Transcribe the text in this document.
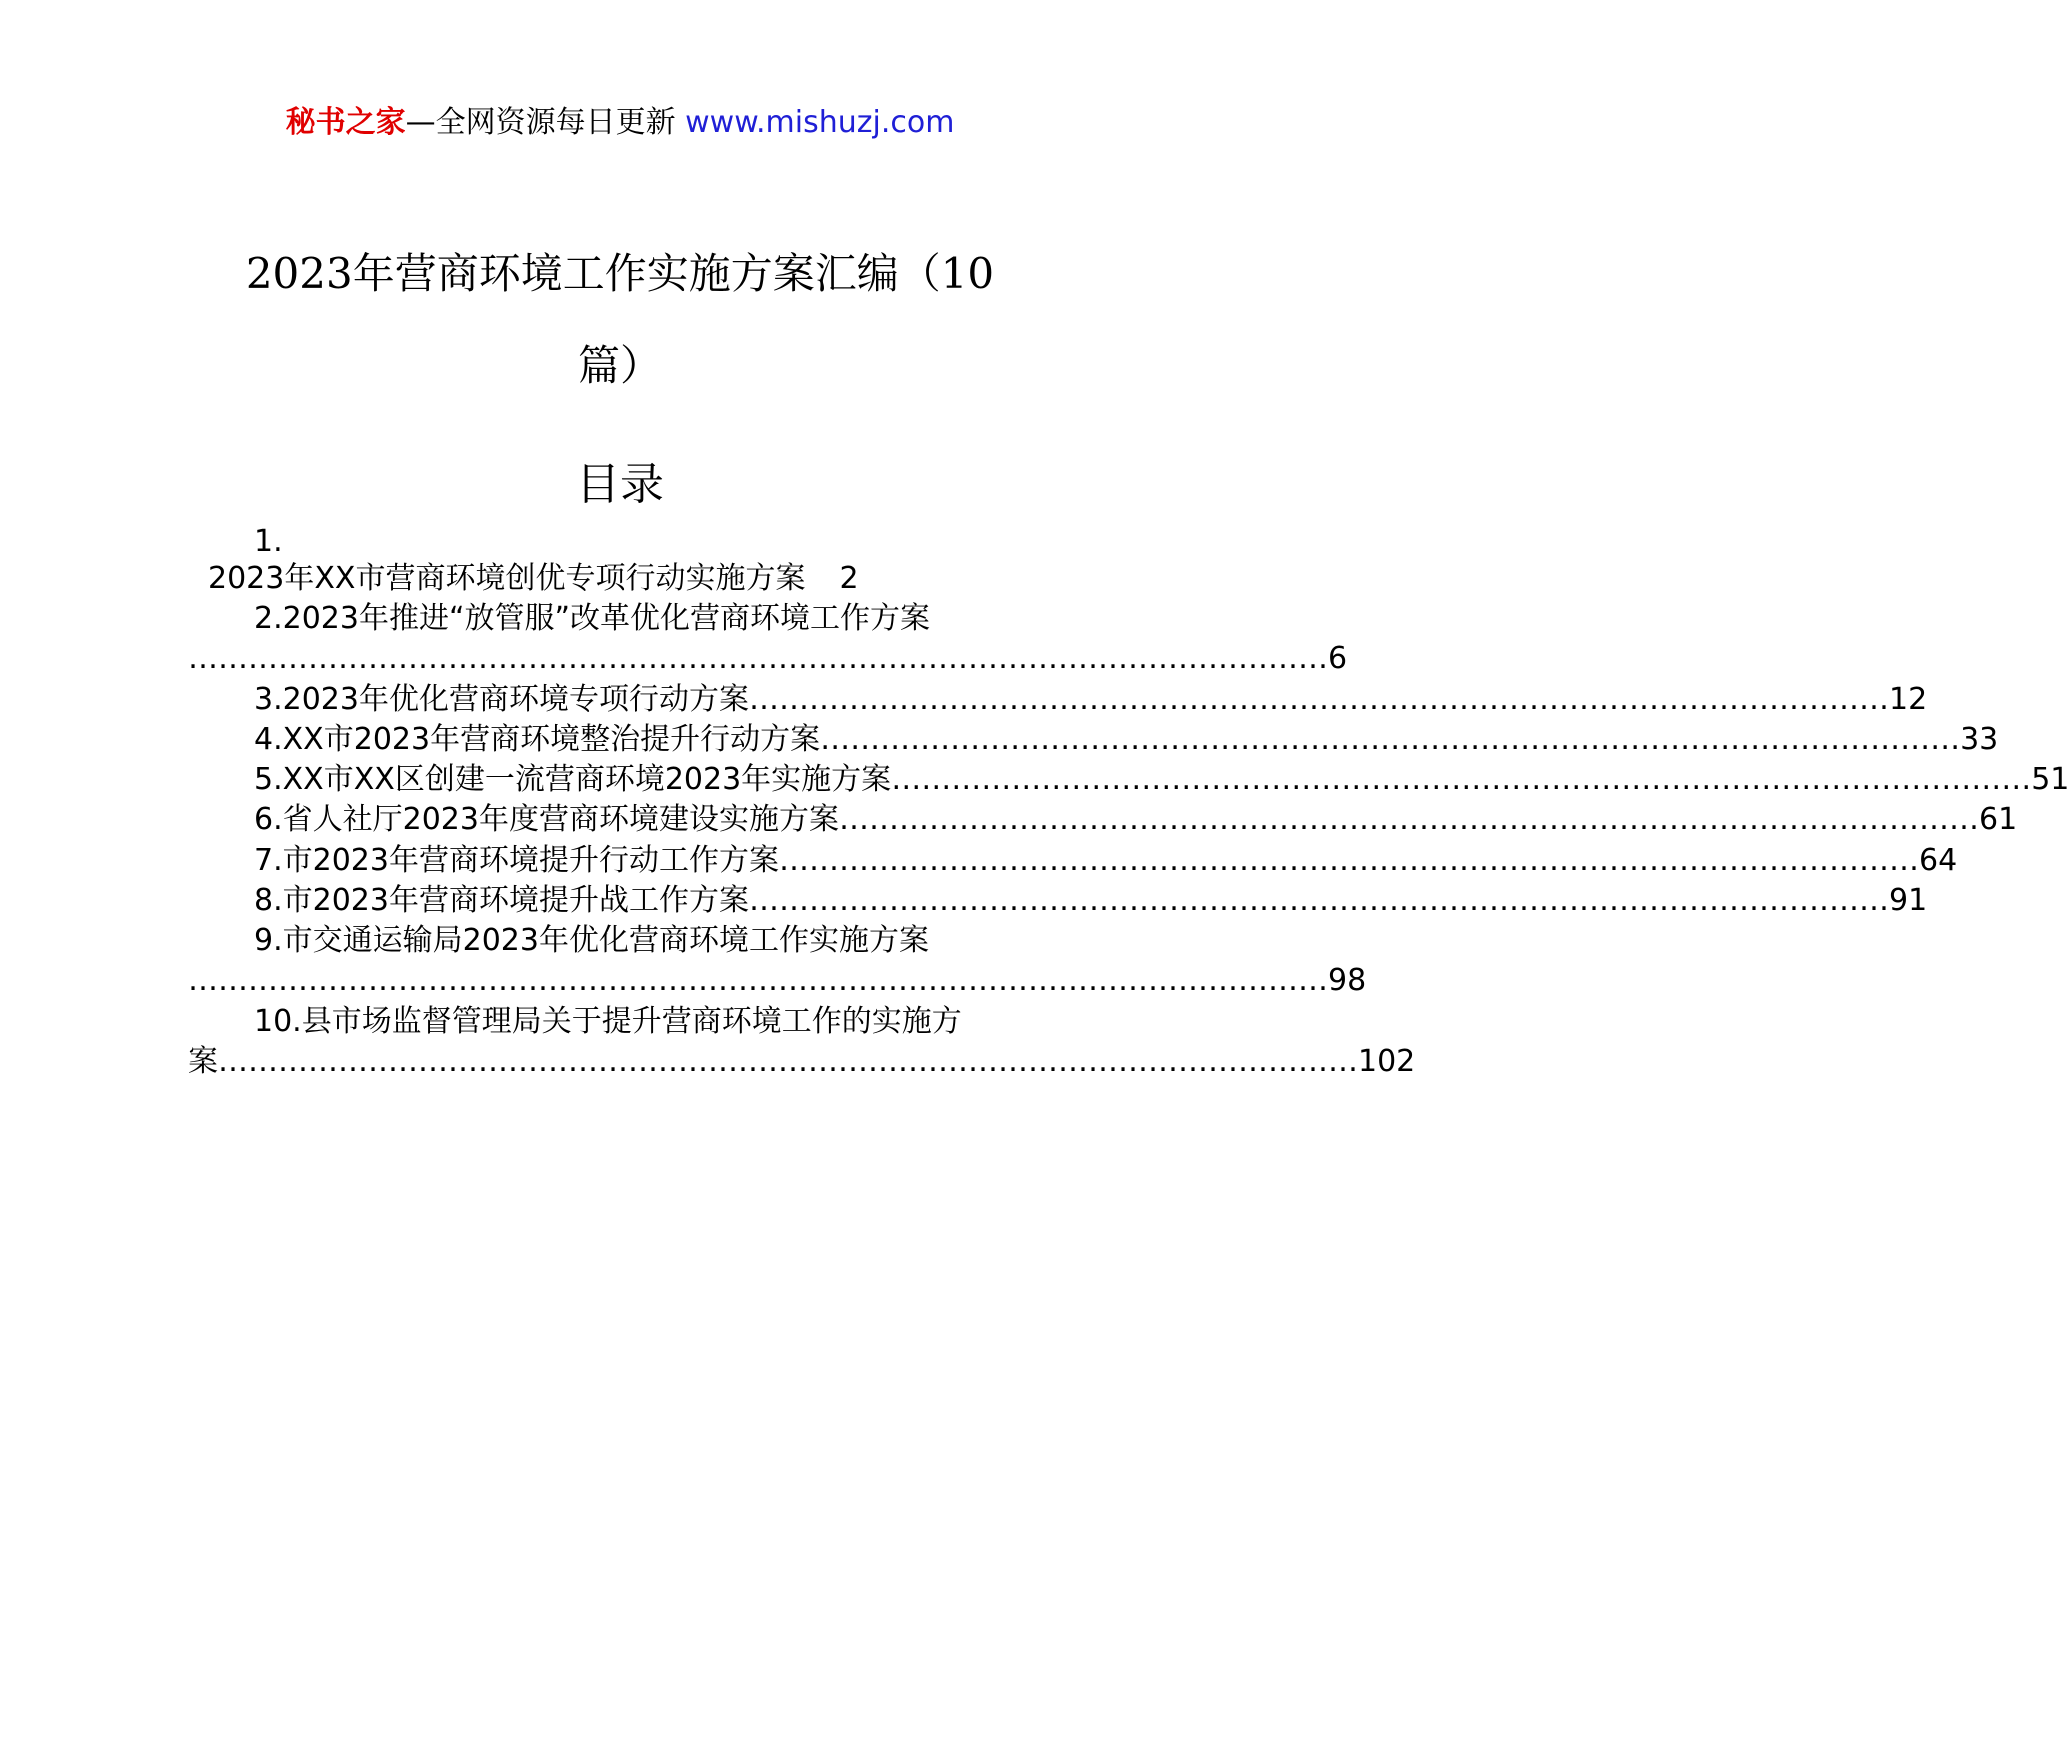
秘书之家—全网资源每日更新 www.mishuzj.com
2023年营商环境工作实施方案汇编（10
篇）
目录
1.
2023年XX市营商环境创优专项行动实施方案 2
2.2023年推进“放管服”改革优化营商环境工作方案
…………………………………………………………………………………………………… 6
3.2023年优化营商环境专项行动方案 …………………………………………………………………………………………………… 12
4.XX市2023年营商环境整治提升行动方案 …………………………………………………………………………………………………… 33
5.XX市XX区创建一流营商环境2023年实施方案 …………………………………………………………………………………………………… 51
6.省人社厅2023年度营商环境建设实施方案 …………………………………………………………………………………………………… 61
7.市2023年营商环境提升行动工作方案 …………………………………………………………………………………………………… 64
8.市2023年营商环境提升战工作方案 …………………………………………………………………………………………………… 91
9.市交通运输局2023年优化营商环境工作实施方案
…………………………………………………………………………………………………… 98
10.县市场监督管理局关于提升营商环境工作的实施方
案 …………………………………………………………………………………………………… 102
